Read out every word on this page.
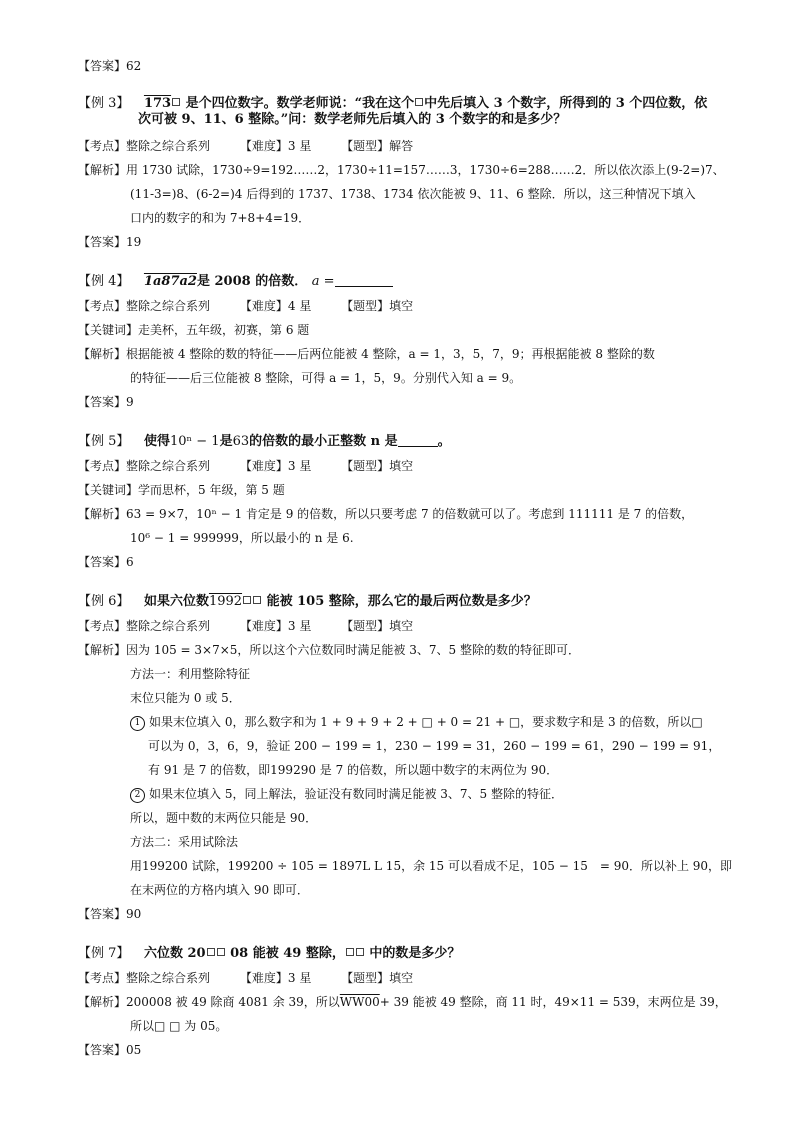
【答案】62
【例 3】 173 是个四位数字。数学老师说：“我在这个 中先后填入 3 个数字，所得到的 3 个四位数，依
次可被 9、11、6 整除。”问：数学老师先后填入的 3 个数字的和是多少？
【考点】整除之综合系列 【难度】3 星 【题型】解答
【解析】用 1730 试除，1730÷9=192……2，1730÷11=157……3，1730÷6=288……2．所以依次添上(9-2=)7、
(11-3=)8、(6-2=)4 后得到的 1737、1738、1734 依次能被 9、11、6 整除．所以，这三种情况下填入
口内的数字的和为 7+8+4=19．
【答案】19
【例 4】 1a87a2是 2008 的倍数． a =
【考点】整除之综合系列 【难度】4 星 【题型】填空
【关键词】走美杯，五年级，初赛，第 6 题
【解析】根据能被 4 整除的数的特征——后两位能被 4 整除，a = 1，3，5，7，9；再根据能被 8 整除的数
的特征——后三位能被 8 整除，可得 a = 1，5，9。分别代入知 a = 9。
【答案】9
【例 5】 使得10ⁿ − 1是63的倍数的最小正整数 n 是	。
【考点】整除之综合系列 【难度】3 星 【题型】填空
【关键词】学而思杯，5 年级，第 5 题
【解析】63 = 9×7，10ⁿ − 1 肯定是 9 的倍数，所以只要考虑 7 的倍数就可以了。考虑到 111111 是 7 的倍数，
10⁶ − 1 = 999999，所以最小的 n 是 6.
【答案】6
【例 6】 如果六位数1992 能被 105 整除，那么它的最后两位数是多少？
【考点】整除之综合系列 【难度】3 星 【题型】填空
【解析】因为 105 = 3×7×5，所以这个六位数同时满足能被 3、7、5 整除的数的特征即可．
方法一：利用整除特征
末位只能为 0 或 5．
1 如果末位填入 0，那么数字和为 1 + 9 + 9 + 2 + □ + 0 = 21 + □，要求数字和是 3 的倍数，所以□
可以为 0，3，6，9，验证 200 − 199 = 1，230 − 199 = 31，260 − 199 = 61，290 − 199 = 91，
有 91 是 7 的倍数，即199290 是 7 的倍数，所以题中数字的末两位为 90．
2 如果末位填入 5，同上解法，验证没有数同时满足能被 3、7、5 整除的特征．
所以，题中数的末两位只能是 90．
方法二：采用试除法
用199200 试除，199200 ÷ 105 = 1897L L 15，余 15 可以看成不足，105 − 15　= 90．所以补上 90，即
在末两位的方格内填入 90 即可．
【答案】90
【例 7】 六位数 20 08 能被 49 整除， 中的数是多少？
【考点】整除之综合系列 【难度】3 星 【题型】填空
【解析】200008 被 49 除商 4081 余 39，所以WW00+ 39 能被 49 整除，商 11 时，49×11 = 539，末两位是 39，
所以□ □ 为 05。
【答案】05
